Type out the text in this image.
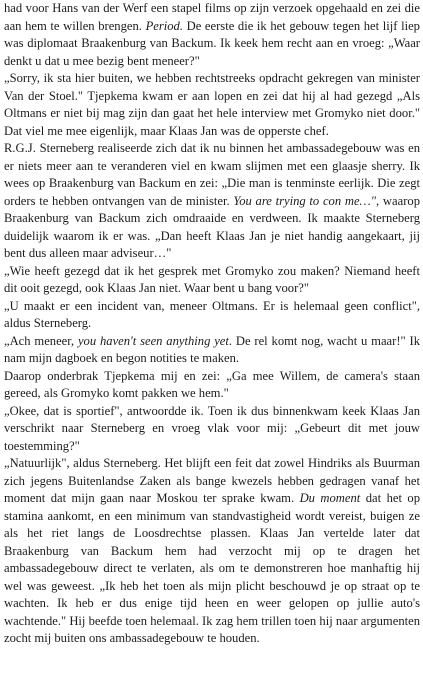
had voor Hans van der Werf een stapel films op zijn verzoek opgehaald en zei die aan hem te willen brengen. Period. De eerste die ik het gebouw tegen het lijf liep was diplomaat Braakenburg van Backum. Ik keek hem recht aan en vroeg: „Waar denkt u dat u mee bezig bent meneer?"

„Sorry, ik sta hier buiten, we hebben rechtstreeks opdracht gekregen van minister Van der Stoel." Tjepkema kwam er aan lopen en zei dat hij al had gezegd „Als Oltmans er niet bij mag zijn dan gaat het hele interview met Gromyko niet door." Dat viel me mee eigenlijk, maar Klaas Jan was de opperste chef.

R.G.J. Sterneberg realiseerde zich dat ik nu binnen het ambassadegebouw was en er niets meer aan te veranderen viel en kwam slijmen met een glaasje sherry. Ik wees op Braakenburg van Backum en zei: „Die man is tenminste eerlijk. Die zegt orders te hebben ontvangen van de minister. You are trying to con me…", waarop Braakenburg van Backum zich omdraaide en verdween. Ik maakte Sterneberg duidelijk waarom ik er was. „Dan heeft Klaas Jan je niet handig aangekaart, jij bent dus alleen maar adviseur…"

„Wie heeft gezegd dat ik het gesprek met Gromyko zou maken? Niemand heeft dit ooit gezegd, ook Klaas Jan niet. Waar bent u bang voor?"

„U maakt er een incident van, meneer Oltmans. Er is helemaal geen conflict", aldus Sterneberg.

„Ach meneer, you haven't seen anything yet. De rel komt nog, wacht u maar!" Ik nam mijn dagboek en begon notities te maken.

Daarop onderbrak Tjepkema mij en zei: „Ga mee Willem, de camera's staan gereed, als Gromyko komt pakken we hem."

„Okee, dat is sportief", antwoordde ik. Toen ik dus binnenkwam keek Klaas Jan verschrikt naar Sterneberg en vroeg vlak voor mij: „Gebeurt dit met jouw toestemming?"

„Natuurlijk", aldus Sterneberg. Het blijft een feit dat zowel Hindriks als Buurman zich jegens Buitenlandse Zaken als bange kwezels hebben gedragen vanaf het moment dat mijn gaan naar Moskou ter sprake kwam. Du moment dat het op stamina aankomt, en een minimum van standvastigheid wordt vereist, buigen ze als het riet langs de Loosdrechtse plassen. Klaas Jan vertelde later dat Braakenburg van Backum hem had verzocht mij op te dragen het ambassadegebouw direct te verlaten, als om te demonstreren hoe manhaftig hij wel was geweest. „Ik heb het toen als mijn plicht beschouwd je op straat op te wachten. Ik heb er dus enige tijd heen en weer gelopen op jullie auto's wachtende." Hij beefde toen helemaal. Ik zag hem trillen toen hij naar argumenten zocht mij buiten ons ambassadegebouw te houden.
